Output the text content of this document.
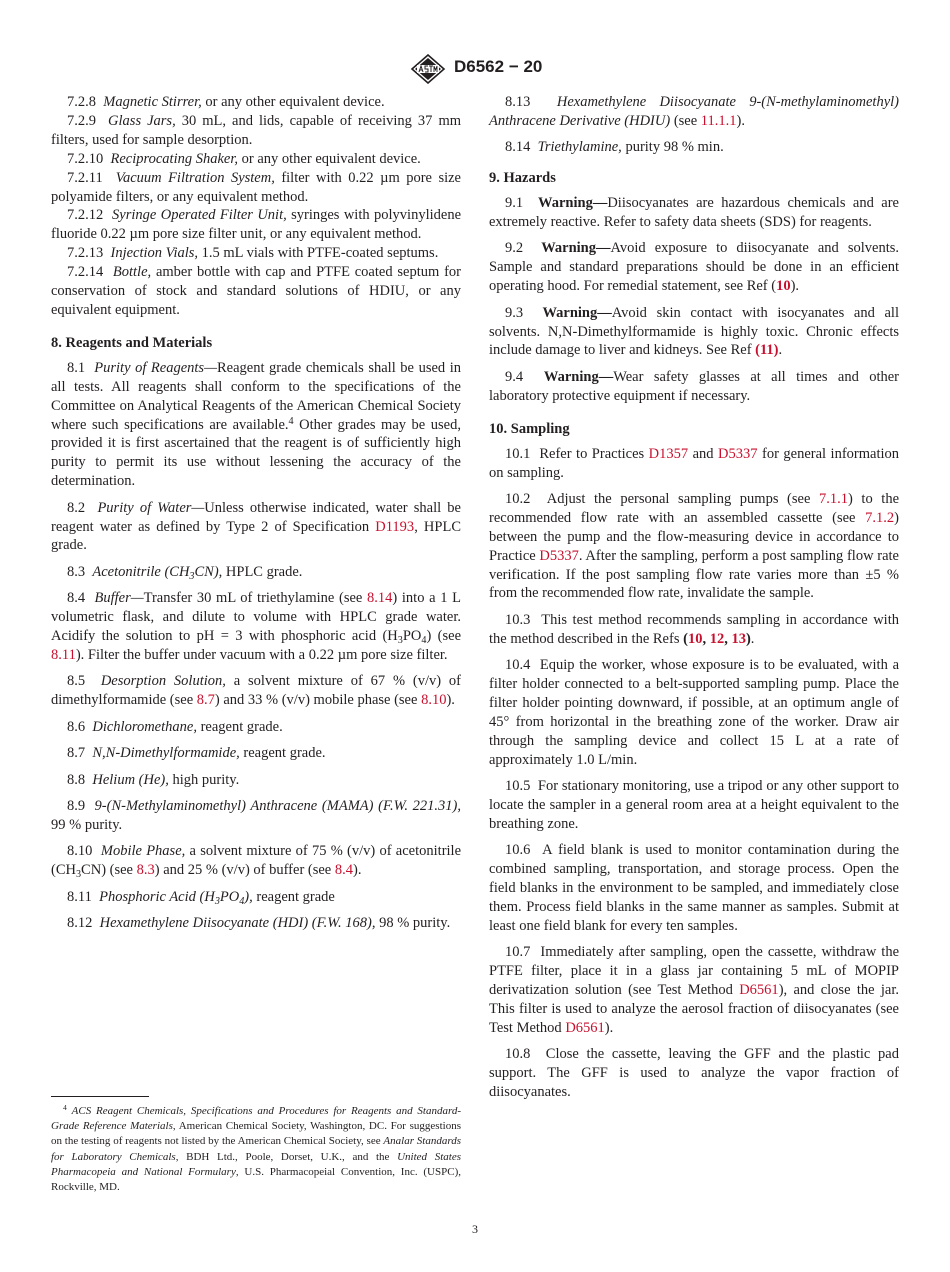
D6562 − 20

7.2.8 Magnetic Stirrer, or any other equivalent device.

7.2.9 Glass Jars, 30 mL, and lids, capable of receiving 37 mm filters, used for sample desorption.

7.2.10 Reciprocating Shaker, or any other equivalent device.

7.2.11 Vacuum Filtration System, filter with 0.22 µm pore size polyamide filters, or any equivalent method.

7.2.12 Syringe Operated Filter Unit, syringes with polyvinylidene fluoride 0.22 µm pore size filter unit, or any equivalent method.

7.2.13 Injection Vials, 1.5 mL vials with PTFE-coated septums.

7.2.14 Bottle, amber bottle with cap and PTFE coated septum for conservation of stock and standard solutions of HDIU, or any equivalent equipment.

8. Reagents and Materials

8.1 Purity of Reagents—Reagent grade chemicals shall be used in all tests. All reagents shall conform to the specifications of the Committee on Analytical Reagents of the American Chemical Society where such specifications are available.$^4$ Other grades may be used, provided it is first ascertained that the reagent is of sufficiently high purity to permit its use without lessening the accuracy of the determination.

8.2 Purity of Water—Unless otherwise indicated, water shall be reagent water as defined by Type 2 of Specification D1193, HPLC grade.

8.3 Acetonitrile $(CH_3CN)$, HPLC grade.

8.4 Buffer—Transfer 30 mL of triethylamine (see 8.14) into a 1 L volumetric flask, and dilute to volume with HPLC grade water. Acidify the solution to pH = 3 with phosphoric acid $(H_3PO_4)$ (see 8.11). Filter the buffer under vacuum with a 0.22 µm pore size filter.

8.5 Desorption Solution, a solvent mixture of 67 % (v/v) of dimethylformamide (see 8.7) and 33 % (v/v) mobile phase (see 8.10).

8.6 Dichloromethane, reagent grade.

8.7 N,N-Dimethylformamide, reagent grade.

8.8 Helium (He), high purity.

8.9 9-(N-Methylaminomethyl) Anthracene (MAMA) (F.W. 221.31), 99 % purity.

8.10 Mobile Phase, a solvent mixture of 75 % (v/v) of acetonitrile $(CH_3CN)$ (see 8.3) and 25 % (v/v) of buffer (see 8.4).

8.11 Phosphoric Acid $(H_3PO_4)$, reagent grade

8.12 Hexamethylene Diisocyanate (HDI) (F.W. 168), 98 % purity.

$^4$ ACS Reagent Chemicals, Specifications and Procedures for Reagents and Standard-Grade Reference Materials, American Chemical Society, Washington, DC. For suggestions on the testing of reagents not listed by the American Chemical Society, see Analar Standards for Laboratory Chemicals, BDH Ltd., Poole, Dorset, U.K., and the United States Pharmacopeia and National Formulary, U.S. Pharmacopeial Convention, Inc. (USPC), Rockville, MD.

8.13 Hexamethylene Diisocyanate 9-(N-methylaminomethyl) Anthracene Derivative (HDIU) (see 11.1.1).

8.14 Triethylamine, purity 98 % min.

9. Hazards

9.1 Warning—Diisocyanates are hazardous chemicals and are extremely reactive. Refer to safety data sheets (SDS) for reagents.

9.2 Warning—Avoid exposure to diisocyanate and solvents. Sample and standard preparations should be done in an efficient operating hood. For remedial statement, see Ref (10).

9.3 Warning—Avoid skin contact with isocyanates and all solvents. N,N-Dimethylformamide is highly toxic. Chronic effects include damage to liver and kidneys. See Ref (11).

9.4 Warning—Wear safety glasses at all times and other laboratory protective equipment if necessary.

10. Sampling

10.1 Refer to Practices D1357 and D5337 for general information on sampling.

10.2 Adjust the personal sampling pumps (see 7.1.1) to the recommended flow rate with an assembled cassette (see 7.1.2) between the pump and the flow-measuring device in accordance to Practice D5337. After the sampling, perform a post sampling flow rate verification. If the post sampling flow rate varies more than ±5 % from the recommended flow rate, invalidate the sample.

10.3 This test method recommends sampling in accordance with the method described in the Refs (10, 12, 13).

10.4 Equip the worker, whose exposure is to be evaluated, with a filter holder connected to a belt-supported sampling pump. Place the filter holder pointing downward, if possible, at an optimum angle of 45° from horizontal in the breathing zone of the worker. Draw air through the sampling device and collect 15 L at a rate of approximately 1.0 L/min.

10.5 For stationary monitoring, use a tripod or any other support to locate the sampler in a general room area at a height equivalent to the breathing zone.

10.6 A field blank is used to monitor contamination during the combined sampling, transportation, and storage process. Open the field blanks in the environment to be sampled, and immediately close them. Process field blanks in the same manner as samples. Submit at least one field blank for every ten samples.

10.7 Immediately after sampling, open the cassette, withdraw the PTFE filter, place it in a glass jar containing 5 mL of MOPIP derivatization solution (see Test Method D6561), and close the jar. This filter is used to analyze the aerosol fraction of diisocyanates (see Test Method D6561).

10.8 Close the cassette, leaving the GFF and the plastic pad support. The GFF is used to analyze the vapor fraction of diisocyanates.

3
